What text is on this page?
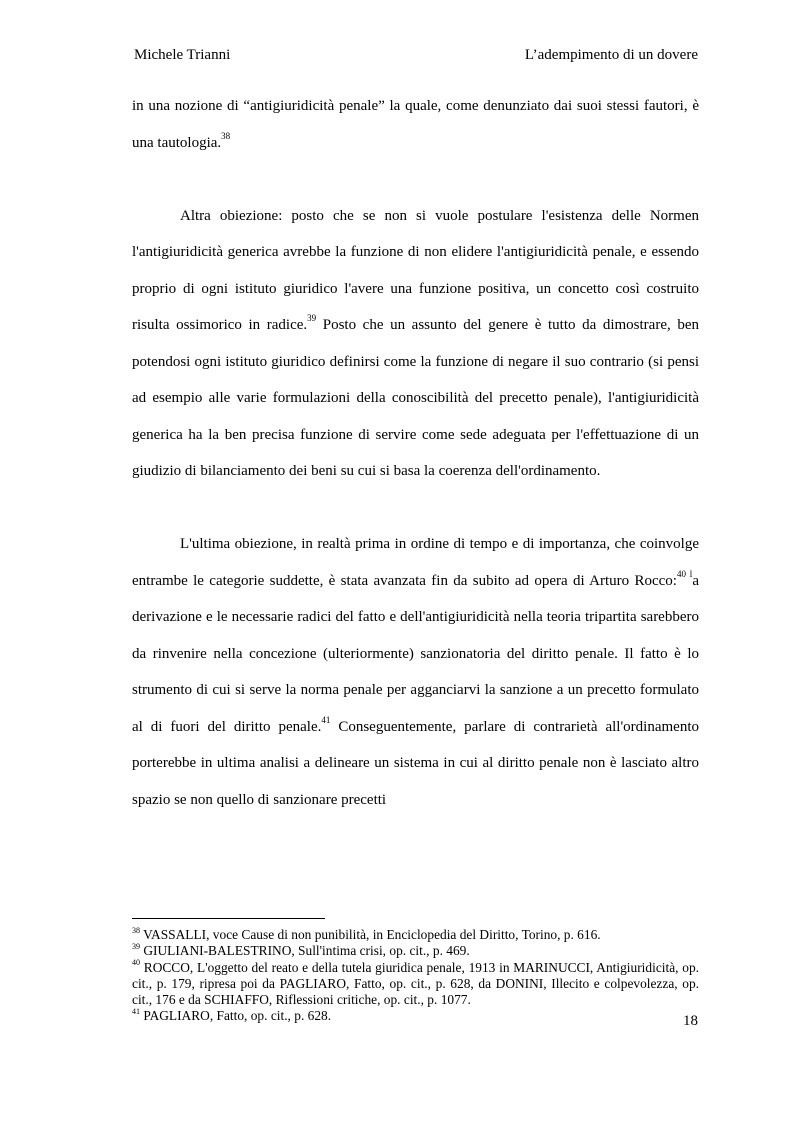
Michele Trianni	L’adempimento di un dovere

in una nozione di “antigiuridicità penale” la quale, come denunziato dai suoi stessi fautori, è una tautologia.$^{38}$

Altra obiezione: posto che se non si vuole postulare l'esistenza delle Normen l'antigiuridicità generica avrebbe la funzione di non elidere l'antigiuridicità penale, e essendo proprio di ogni istituto giuridico l'avere una funzione positiva, un concetto così costruito risulta ossimorico in radice.$^{39}$ Posto che un assunto del genere è tutto da dimostrare, ben potendosi ogni istituto giuridico definirsi come la funzione di negare il suo contrario (si pensi ad esempio alle varie formulazioni della conoscibilità del precetto penale), l'antigiuridicità generica ha la ben precisa funzione di servire come sede adeguata per l'effettuazione di un giudizio di bilanciamento dei beni su cui si basa la coerenza dell'ordinamento.

L'ultima obiezione, in realtà prima in ordine di tempo e di importanza, che coinvolge entrambe le categorie suddette, è stata avanzata fin da subito ad opera di Arturo Rocco:$^{40 l}$a derivazione e le necessarie radici del fatto e dell'antigiuridicità nella teoria tripartita sarebbero da rinvenire nella concezione (ulteriormente) sanzionatoria del diritto penale. Il fatto è lo strumento di cui si serve la norma penale per agganciarvi la sanzione a un precetto formulato al di fuori del diritto penale.$^{41}$ Conseguentemente, parlare di contrarietà all'ordinamento porterebbe in ultima analisi a delineare un sistema in cui al diritto penale non è lasciato altro spazio se non quello di sanzionare precetti

$^{38}$ VASSALLI, voce Cause di non punibilità, in Enciclopedia del Diritto, Torino, p. 616.

$^{39}$ GIULIANI-BALESTRINO, Sull'intima crisi, op. cit., p. 469.

$^{40}$ ROCCO, L'oggetto del reato e della tutela giuridica penale, 1913 in MARINUCCI, Antigiuridicità, op. cit., p. 179, ripresa poi da PAGLIARO, Fatto, op. cit., p. 628, da DONINI, Illecito e colpevolezza, op. cit., 176 e da SCHIAFFO, Riflessioni critiche, op. cit., p. 1077.

$^{41}$ PAGLIARO, Fatto, op. cit., p. 628.	18
